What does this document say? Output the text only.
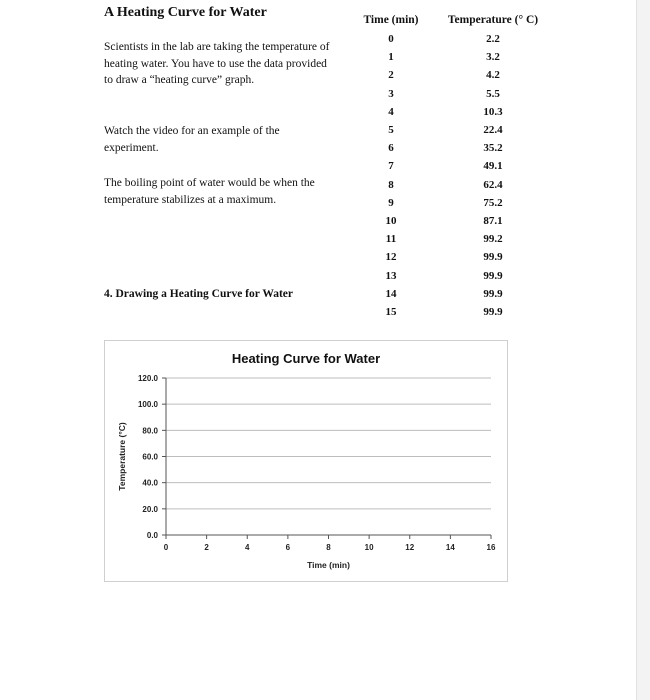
A Heating Curve for Water
Scientists in the lab are taking the temperature of heating water. You have to use the data provided to draw a “heating curve” graph.
Watch the video for an example of the experiment.
The boiling point of water would be when the temperature stabilizes at a maximum.
4. Drawing a Heating Curve for Water
Time (min)	Temperature (° C)
0	2.2
1	3.2
2	4.2
3	5.5
4	10.3
5	22.4
6	35.2
7	49.1
8	62.4
9	75.2
10	87.1
11	99.2
12	99.9
13	99.9
14	99.9
15	99.9
Heating Curve for Water
0.0
20.0
40.0
60.0
80.0
100.0
120.0
0	2	4	6	8	10	12	14	16
Time (min)
Temperature (°C)
